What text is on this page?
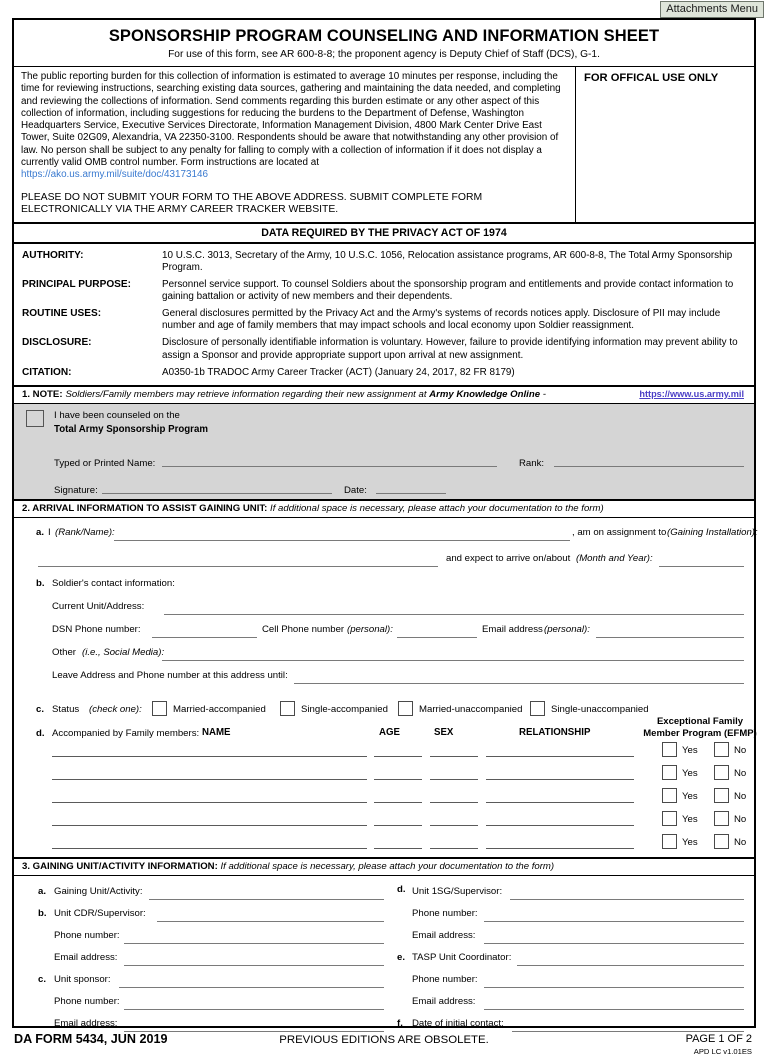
Attachments Menu
SPONSORSHIP PROGRAM COUNSELING AND INFORMATION SHEET
For use of this form, see AR 600-8-8; the proponent agency is Deputy Chief of Staff (DCS), G-1.

The public reporting burden for this collection of information is estimated to average 10 minutes per response, including the time for reviewing instructions, searching existing data sources, gathering and maintaining the data needed, and completing and reviewing the collections of information. Send comments regarding this burden estimate or any other aspect of this collection of information, including suggestions for reducing the burdens to the Department of Defense, Washington Headquarters Service, Executive Services Directorate, Information Management Division, 4800 Mark Center Drive East Tower, Suite 02G09, Alexandria, VA 22350-3100. Respondents should be aware that notwithstanding any other provision of law. No person shall be subject to any penalty for falling to comply with a collection of information if it does not display a currently valid OMB control number. Form instructions are located at

https://ako.us.army.mil/suite/doc/43173146
PLEASE DO NOT SUBMIT YOUR FORM TO THE ABOVE ADDRESS. SUBMIT COMPLETE FORM ELECTRONICALLY VIA THE ARMY CAREER TRACKER WEBSITE.
FOR OFFICAL USE ONLY
DATA REQUIRED BY THE PRIVACY ACT OF 1974
AUTHORITY:	10 U.S.C. 3013, Secretary of the Army, 10 U.S.C. 1056, Relocation assistance programs, AR 600-8-8, The Total Army Sponsorship Program.
PRINCIPAL PURPOSE:	Personnel service support. To counsel Soldiers about the sponsorship program and entitlements and provide contact information to gaining battalion or activity of new members and their dependents.
ROUTINE USES:	General disclosures permitted by the Privacy Act and the Army's systems of records notices apply. Disclosure of PII may include number and age of family members that may impact schools and local economy upon Soldier reassignment.
DISCLOSURE:	Disclosure of personally identifiable information is voluntary. However, failure to provide identifying information may prevent ability to assign a Sponsor and provide appropriate support upon arrival at new assignment.
CITATION:	A0350-1b TRADOC Army Career Tracker (ACT) (January 24, 2017, 82 FR 8179)
1. NOTE: Soldiers/Family members may retrieve information regarding their new assignment at Army Knowledge Online -	https://www.us.army.mil
I have been counseled on the
Total Army Sponsorship Program
Typed or Printed Name:	Rank:
Signature:	Date:
2. ARRIVAL INFORMATION TO ASSIST GAINING UNIT: If additional space is necessary, please attach your documentation to the form)
a. I (Rank/Name):	, am on assignment to (Gaining Installation):
and expect to arrive on/about (Month and Year):
b. Soldier's contact information:
Current Unit/Address:
DSN Phone number:	Cell Phone number (personal):	Email address (personal):
Other (i.e., Social Media):
Leave Address and Phone number at this address until:
c. Status (check one):	Married-accompanied	Single-accompanied	Married-unaccompanied	Single-unaccompanied
d. Accompanied by Family members: NAME	AGE	SEX	RELATIONSHIP
Exceptional Family
Member Program (EFMP)
Yes	No
Yes	No
Yes	No
Yes	No
Yes	No
3. GAINING UNIT/ACTIVITY INFORMATION: If additional space is necessary, please attach your documentation to the form)
a. Gaining Unit/Activity:
b. Unit CDR/Supervisor:
Phone number:
Email address:
c. Unit sponsor:
Phone number:
Email address:
d. Unit 1SG/Supervisor:
Phone number:
Email address:
e. TASP Unit Coordinator:
Phone number:
Email address:
f. Date of initial contact:
DA FORM 5434, JUN 2019	PREVIOUS EDITIONS ARE OBSOLETE.	PAGE 1 OF 2
APD LC v1.01ES
